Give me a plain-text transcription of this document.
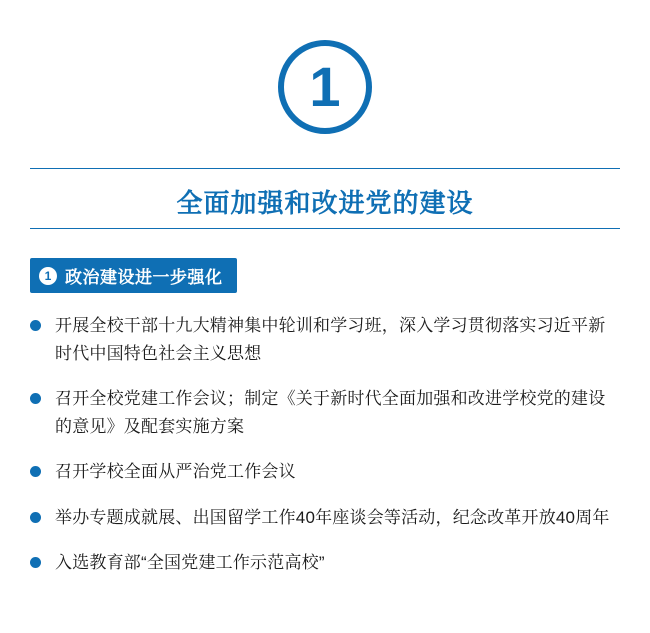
1
全面加强和改进党的建设
1 政治建设进一步强化
开展全校干部十九大精神集中轮训和学习班，深入学习贯彻落实习近平新时代中国特色社会主义思想
召开全校党建工作会议；制定《关于新时代全面加强和改进学校党的建设的意见》及配套实施方案
召开学校全面从严治党工作会议
举办专题成就展、出国留学工作40年座谈会等活动，纪念改革开放40周年
入选教育部“全国党建工作示范高校”
